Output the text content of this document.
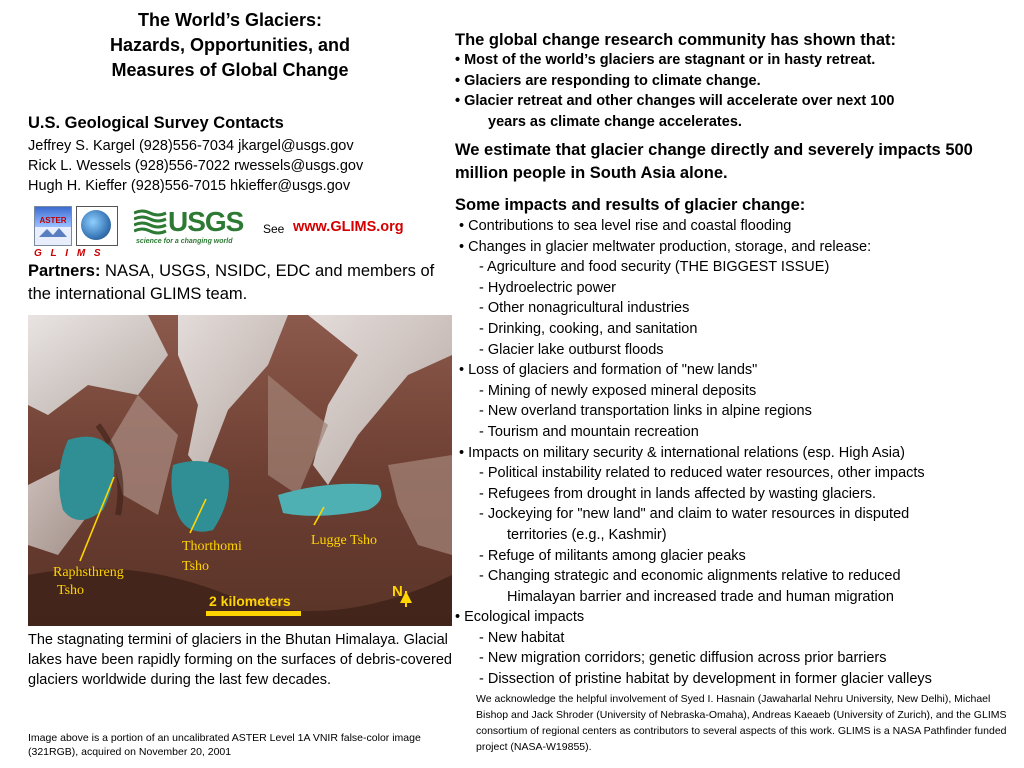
The World’s Glaciers:
Hazards, Opportunities, and
Measures of Global Change
U.S. Geological Survey Contacts
Jeffrey S. Kargel (928)556-7034 jkargel@usgs.gov
Rick L. Wessels (928)556-7022 rwessels@usgs.gov
Hugh H. Kieffer (928)556-7015 hkieffer@usgs.gov
ASTER
G L I M S
USGS
science for a changing world
See www.GLIMS.org
Partners: NASA, USGS, NSIDC, EDC and members of the international GLIMS team.
Raphsthreng
Tsho
Thorthomi
Tsho
Lugge Tsho
2 kilometers
N
The stagnating termini of glaciers in the Bhutan Himalaya. Glacial lakes have been rapidly forming on the surfaces of debris-covered glaciers worldwide during the last few decades.
Image above is a portion of an uncalibrated ASTER Level 1A VNIR false-color image (321RGB), acquired on November 20, 2001
The global change research community has shown that:
• Most of the world’s glaciers are stagnant or in hasty retreat.
• Glaciers are responding to climate change.
• Glacier retreat and other changes will accelerate over next 100
years as climate change accelerates.
We estimate that glacier change directly and severely impacts 500 million people in South Asia alone.
Some impacts and results of glacier change:
• Contributions to sea level rise and coastal flooding
• Changes in glacier meltwater production, storage, and release:
- Agriculture and food security (THE BIGGEST ISSUE)
- Hydroelectric power
- Other nonagricultural industries
- Drinking, cooking, and sanitation
- Glacier lake outburst floods
• Loss of glaciers and formation of "new lands"
- Mining of newly exposed mineral deposits
- New overland transportation links in alpine regions
- Tourism and mountain recreation
• Impacts on military security & international relations (esp. High Asia)
- Political instability related to reduced water resources, other impacts
- Refugees from drought in lands affected by wasting glaciers.
- Jockeying for "new land" and claim to water resources in disputed
territories (e.g., Kashmir)
- Refuge of militants among glacier peaks
- Changing strategic and economic alignments relative to reduced
Himalayan barrier and increased trade and human migration
• Ecological impacts
- New habitat
- New migration corridors; genetic diffusion across prior barriers
- Dissection of pristine habitat by development in former glacier valleys
We acknowledge the helpful involvement of Syed I. Hasnain (Jawaharlal Nehru University, New Delhi), Michael Bishop and Jack Shroder (University of Nebraska-Omaha), Andreas Kaeaeb (University of Zurich), and the GLIMS consortium of regional centers as contributors to several aspects of this work. GLIMS is a NASA Pathfinder funded project (NASA-W19855).
